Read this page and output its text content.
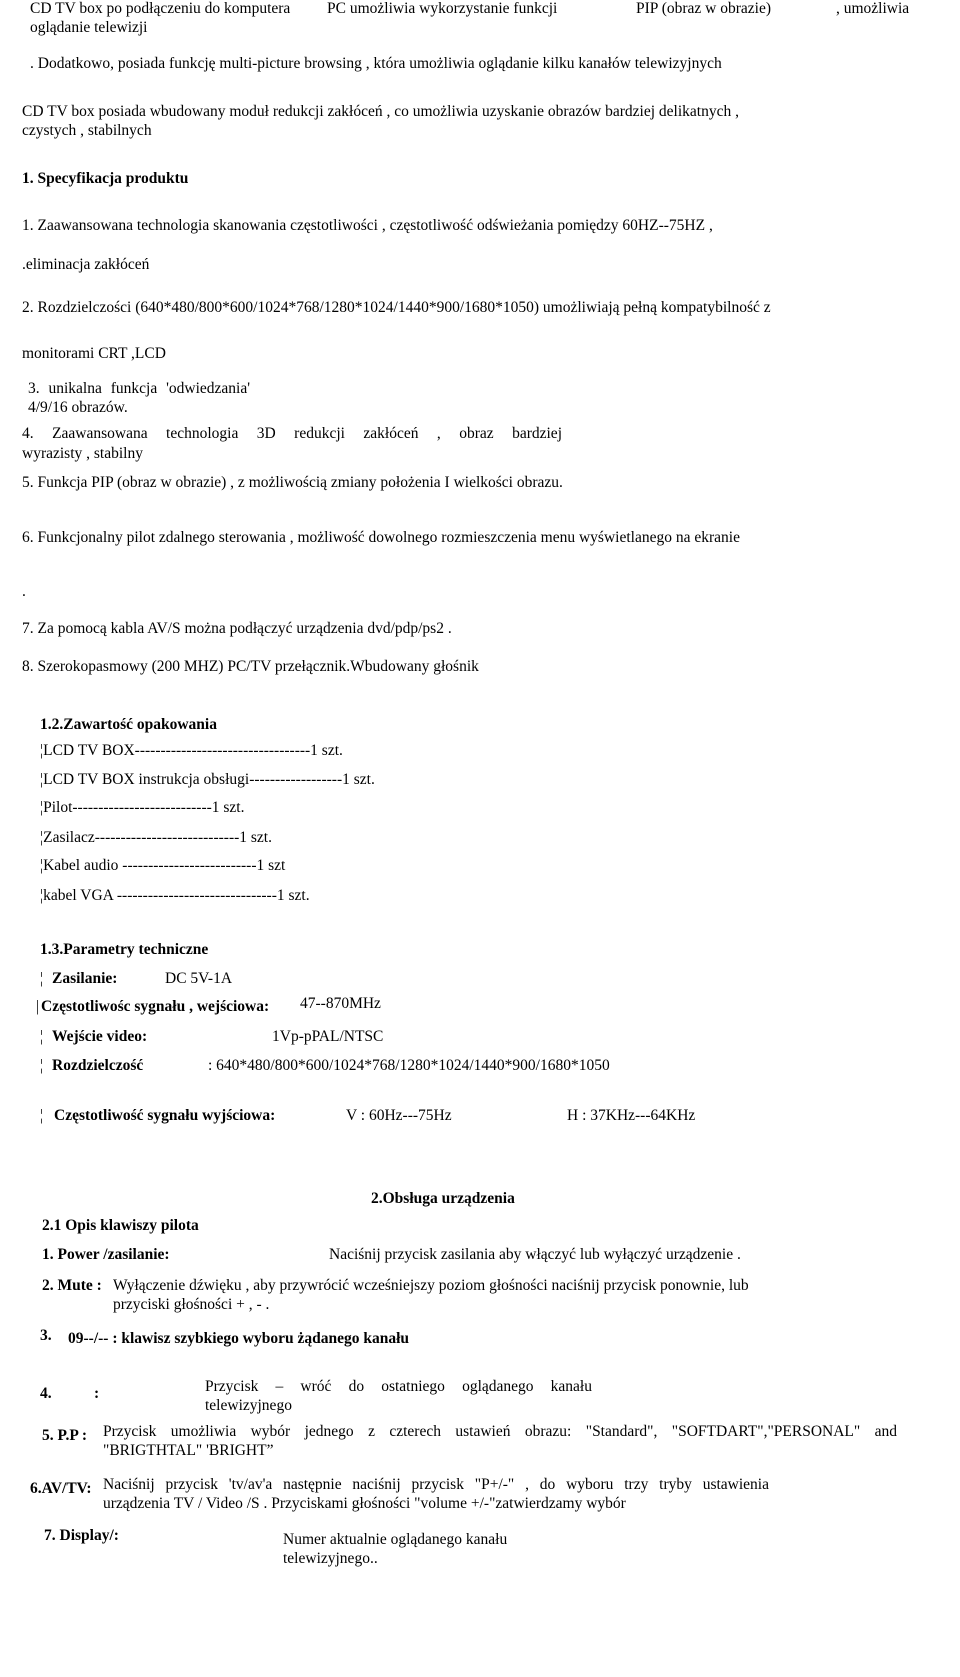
CD TV box po podłączeniu do komputera PC umożliwia wykorzystanie funkcji	PIP (obraz w obrazie)	, umożliwia
oglądanie telewizji
. Dodatkowo, posiada funkcję multi-picture browsing , która umożliwia oglądanie kilku kanałów telewizyjnych
CD TV box posiada wbudowany moduł redukcji zakłóceń , co umożliwia uzyskanie obrazów bardziej delikatnych ,
czystych , stabilnych
1. Specyfikacja produktu
1. Zaawansowana technologia skanowania częstotliwości , częstotliwość odświeżania pomiędzy 60HZ--75HZ ,
.eliminacja zakłóceń
2. Rozdzielczości (640*480/800*600/1024*768/1280*1024/1440*900/1680*1050) umożliwiają pełną kompatybilność z
monitorami CRT ,LCD
3. unikalna funkcja 'odwiedzania'
4/9/16 obrazów.
4. Zaawansowana technologia 3D redukcji zakłóceń , obraz bardziej
wyrazisty , stabilny
5. Funkcja PIP (obraz w obrazie) , z możliwością zmiany położenia I wielkości obrazu.
6. Funkcjonalny pilot zdalnego sterowania , możliwość dowolnego rozmieszczenia menu wyświetlanego na ekranie
.
7. Za pomocą kabla AV/S można podłączyć urządzenia dvd/pdp/ps2 .
8. Szerokopasmowy (200 MHZ) PC/TV przełącznik.Wbudowany głośnik
1.2.Zawartość opakowania
¦ LCD TV BOX----------------------------------1 szt.
¦ LCD TV BOX instrukcja obsługi------------------1 szt.
¦ Pilot---------------------------1 szt.
¦ Zasilacz----------------------------1 szt.
¦ Kabel audio --------------------------1 szt
¦ kabel VGA -------------------------------1 szt.
1.3.Parametry techniczne
¦ Zasilanie:	DC 5V-1A
| Częstotliwośc sygnału , wejściowa: 47--870MHz
¦ Wejście video:	1Vp-pPAL/NTSC
¦ Rozdzielczość	: 640*480/800*600/1024*768/1280*1024/1440*900/1680*1050
¦ Częstotliwość sygnału wyjściowa:	V : 60Hz---75Hz	H : 37KHz---64KHz
2.Obsługa urządzenia
2.1 Opis klawiszy pilota
1. Power /zasilanie:	Naciśnij przycisk zasilania aby włączyć lub wyłączyć urządzenie .
2. Mute : Wyłączenie dźwięku , aby przywrócić wcześniejszy poziom głośności naciśnij przycisk ponownie, lub
przyciski głośności + , - .
3. 09--/-- : klawisz szybkiego wyboru żądanego kanału
4.	:	Przycisk – wróć do ostatniego oglądanego kanału
telewizyjnego
5. P.P : Przycisk umożliwia wybór jednego z czterech ustawień obrazu: "Standard", "SOFTDART","PERSONAL" and
"BRIGTHTAL" 'BRIGHT”
6.AV/TV: Naciśnij przycisk 'tv/av'a następnie naciśnij przycisk "P+/-" , do wyboru trzy tryby ustawienia
urządzenia TV / Video /S . Przyciskami głośności "volume +/-"zatwierdzamy wybór
7. Display/:	Numer aktualnie oglądanego kanału
telewizyjnego..
